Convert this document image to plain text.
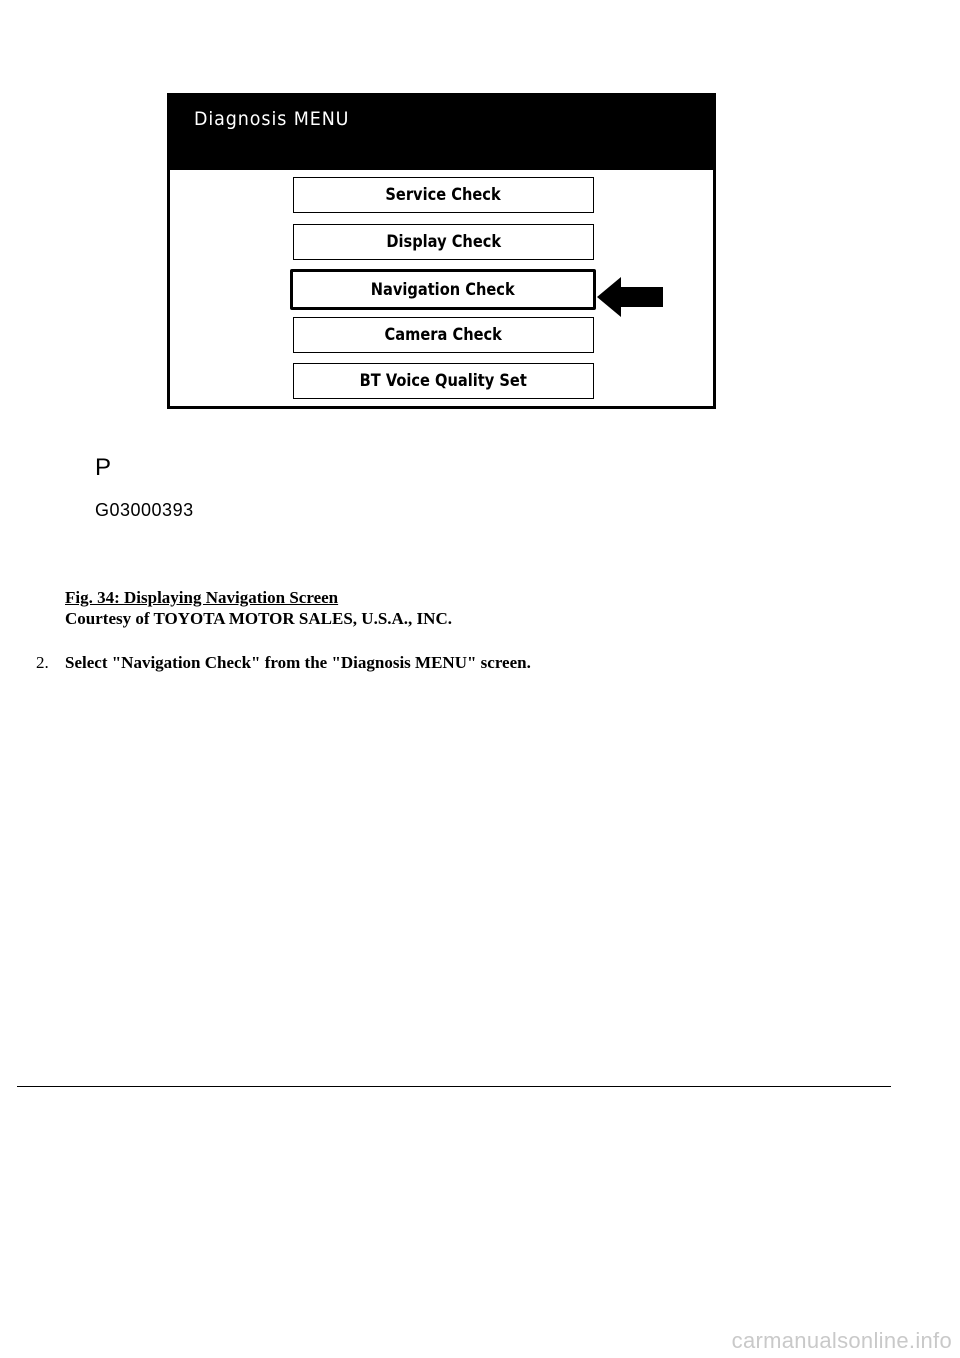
Diagnosis MENU
Service Check
Display Check
Navigation Check
Camera Check
BT Voice Quality Set
P
G03000393
Fig. 34: Displaying Navigation Screen
Courtesy of TOYOTA MOTOR SALES, U.S.A., INC.
2. Select "Navigation Check" from the "Diagnosis MENU" screen.
carmanualsonline.info
